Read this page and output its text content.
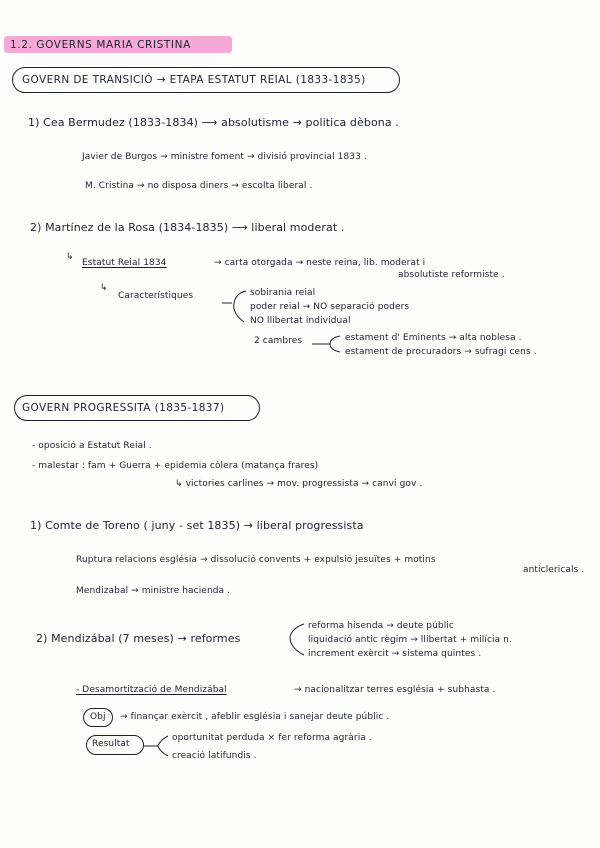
1.2. GOVERNS MARIA CRISTINA
GOVERN DE TRANSICIÓ → ETAPA ESTATUT REIAL (1833-1835)
1) Cea Bermudez (1833-1834) ⟶ absolutisme → politica dèbona .
Javier de Burgos → ministre foment → divisió provincial 1833 .
M. Cristina → no disposa diners → escolta liberal .
2) Martínez de la Rosa (1834-1835) ⟶ liberal moderat .
↳
Estatut Reial 1834	→ carta otorgada → neste reina, lib. moderat i
absolutiste reformiste .
↳
Característiques	sobirania reial
poder reial → NO separació poders
NO llibertat individual
2 cambres	estament d' Eminents → alta noblesa .
estament de procuradors → sufragi cens .
GOVERN PROGRESSITA (1835-1837)
- oposició a Estatut Reial .
- malestar : fam + Guerra + epidemia còlera (matança frares)
↳ victories carlines → mov. progressista → canvi gov .
1) Comte de Toreno ( juny - set 1835) → liberal progressista
Ruptura relacions església → dissolució convents + expulsió jesuïtes + motins
anticlericals .
Mendizabal → ministre hacienda .
2) Mendizábal (7 meses) → reformes
reforma hisenda → deute públic
liquidació antic règim → llibertat + milícia n.
increment exèrcit → sistema quintes .
- Desamortització de Mendizábal	→ nacionalitzar terres església + subhasta .
Obj → finançar exèrcit , afeblir església i sanejar deute públic .
Resultat
oportunitat perduda × fer reforma agrària .
creació latifundis .
